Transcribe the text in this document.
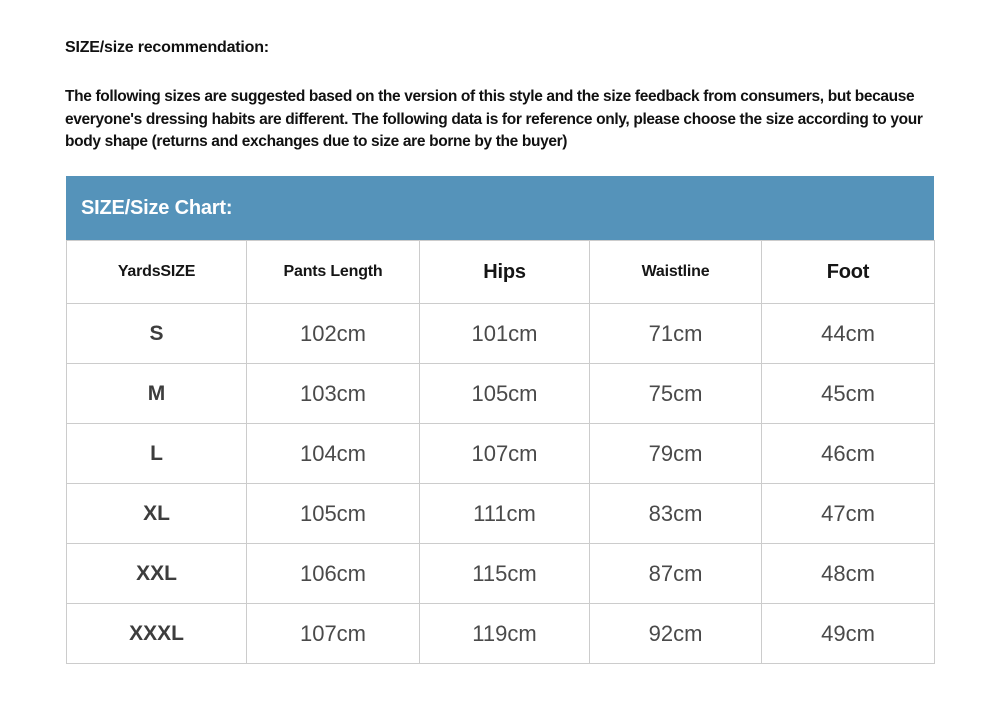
SIZE/size recommendation:

The following sizes are suggested based on the version of this style and the size feedback from consumers, but because everyone's dressing habits are different. The following data is for reference only, please choose the size according to your body shape (returns and exchanges due to size are borne by the buyer)

SIZE/Size Chart:
YardsSIZE	Pants Length	Hips	Waistline	Foot
S	102cm	101cm	71cm	44cm
M	103cm	105cm	75cm	45cm
L	104cm	107cm	79cm	46cm
XL	105cm	111cm	83cm	47cm
XXL	106cm	115cm	87cm	48cm
XXXL	107cm	119cm	92cm	49cm
